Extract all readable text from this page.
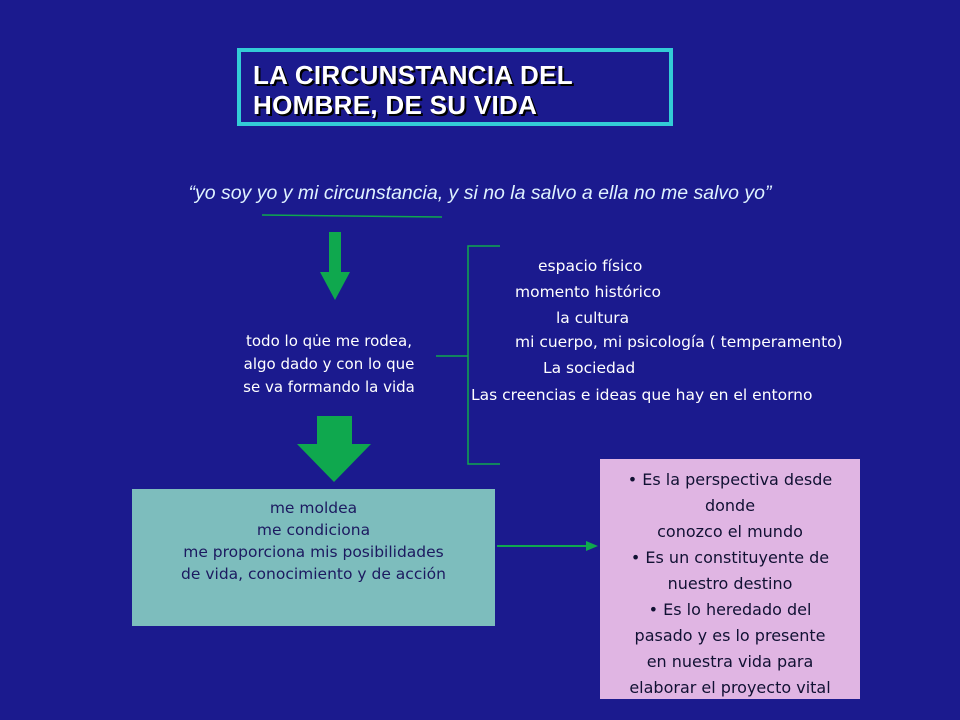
LA CIRCUNSTANCIA DEL
HOMBRE, DE SU VIDA
“yo soy yo y mi circunstancia, y si no la salvo a ella no me salvo yo”
todo lo qu̇e me rodea,
algo dado y con lo que
se va formando la vida
espacio físico
momento histórico
la cultura
mi cuerpo, mi psicología ( temperamento)
La sociedad
Las creencias e ideas que hay en el entorno
me moldea
me condiciona
me proporciona mis posibilidades
de vida, conocimiento y de acción
• Es la perspectiva desde
donde
conozco el mundo
• Es un constituyente de
nuestro destino
• Es lo heredado del
pasado y es lo presente
en nuestra vida para
elaborar el proyecto vital
